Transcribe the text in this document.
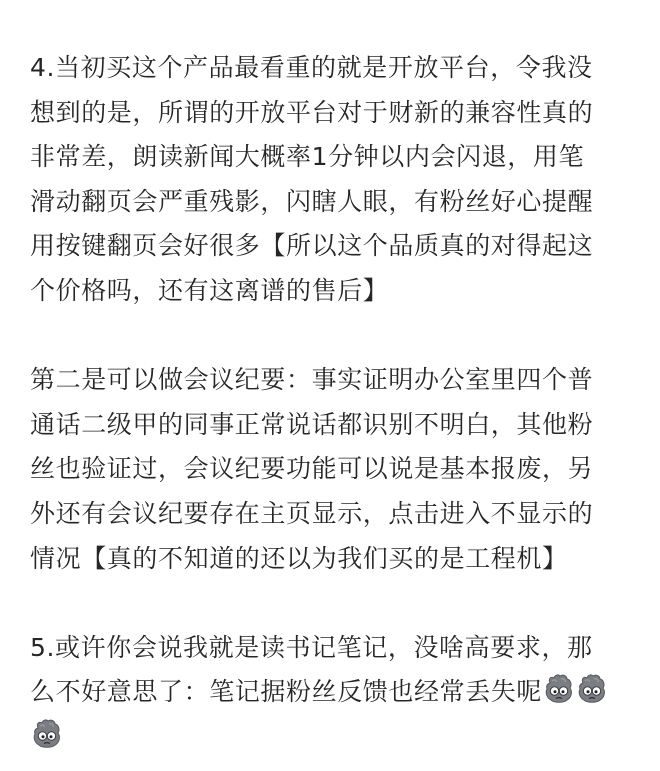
4.当初买这个产品最看重的就是开放平台，令我没
想到的是，所谓的开放平台对于财新的兼容性真的
非常差，朗读新闻大概率1分钟以内会闪退，用笔
滑动翻页会严重残影，闪瞎人眼，有粉丝好心提醒
用按键翻页会好很多【所以这个品质真的对得起这
个价格吗，还有这离谱的售后】
第二是可以做会议纪要：事实证明办公室里四个普
通话二级甲的同事正常说话都识别不明白，其他粉
丝也验证过，会议纪要功能可以说是基本报废，另
外还有会议纪要存在主页显示，点击进入不显示的
情况【真的不知道的还以为我们买的是工程机】
5.或许你会说我就是读书记笔记，没啥高要求，那
么不好意思了：笔记据粉丝反馈也经常丢失呢
